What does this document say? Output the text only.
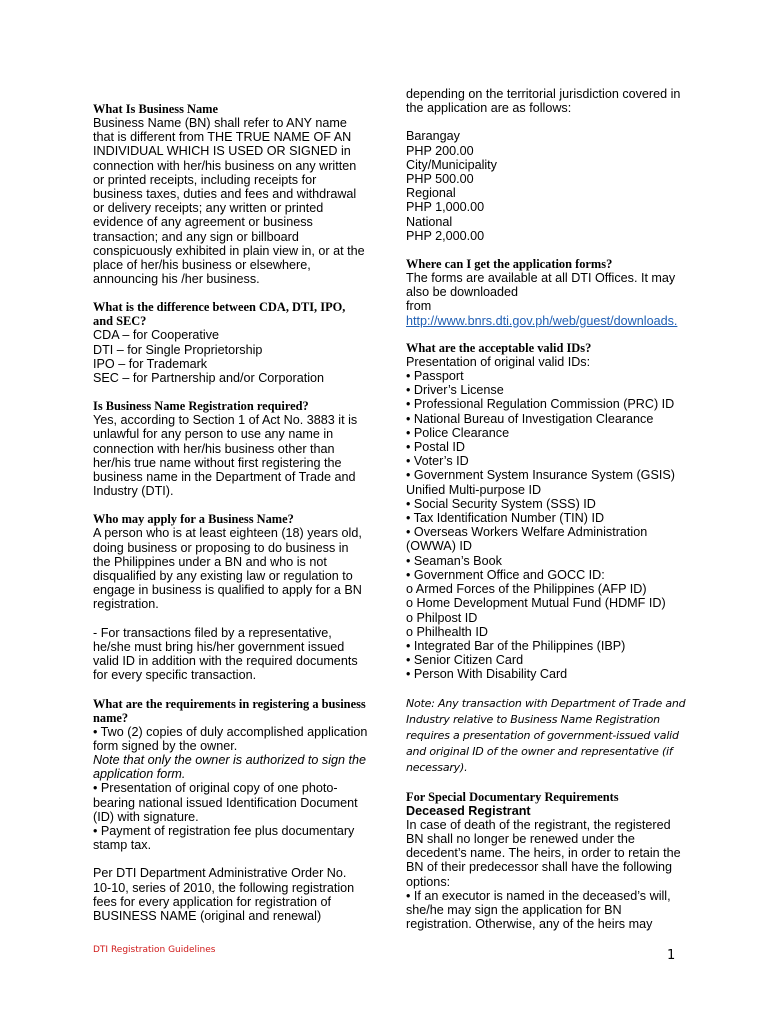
What Is Business Name

Business Name (BN) shall refer to ANY name that is different from THE TRUE NAME OF AN INDIVIDUAL WHICH IS USED OR SIGNED in connection with her/his business on any written or printed receipts, including receipts for business taxes, duties and fees and withdrawal or delivery receipts; any written or printed evidence of any agreement or business transaction; and any sign or billboard conspicuously exhibited in plain view in, or at the place of her/his business or elsewhere, announcing his /her business.

What is the difference between CDA, DTI, IPO, and SEC?

CDA – for Cooperative

DTI – for Single Proprietorship

IPO – for Trademark

SEC – for Partnership and/or Corporation

Is Business Name Registration required?

Yes, according to Section 1 of Act No. 3883 it is unlawful for any person to use any name in connection with her/his business other than her/his true name without first registering the business name in the Department of Trade and Industry (DTI).

Who may apply for a Business Name?

A person who is at least eighteen (18) years old, doing business or proposing to do business in the Philippines under a BN and who is not disqualified by any existing law or regulation to engage in business is qualified to apply for a BN registration.

- For transactions filed by a representative, he/she must bring his/her government issued valid ID in addition with the required documents for every specific transaction.

What are the requirements in registering a business name?

• Two (2) copies of duly accomplished application form signed by the owner.

Note that only the owner is authorized to sign the application form.

• Presentation of original copy of one photo-bearing national issued Identification Document (ID) with signature.

• Payment of registration fee plus documentary stamp tax.

Per DTI Department Administrative Order No. 10-10, series of 2010, the following registration fees for every application for registration of BUSINESS NAME (original and renewal)

depending on the territorial jurisdiction covered in the application are as follows:

Barangay

PHP 200.00

City/Municipality

PHP 500.00

Regional

PHP 1,000.00

National

PHP 2,000.00

Where can I get the application forms?

The forms are available at all DTI Offices. It may also be downloaded

from http://www.bnrs.dti.gov.ph/web/guest/downloads.

What are the acceptable valid IDs?

Presentation of original valid IDs:

• Passport

• Driver’s License

• Professional Regulation Commission (PRC) ID

• National Bureau of Investigation Clearance

• Police Clearance

• Postal ID

• Voter’s ID

• Government System Insurance System (GSIS) Unified Multi-purpose ID

• Social Security System (SSS) ID

• Tax Identification Number (TIN) ID

• Overseas Workers Welfare Administration (OWWA) ID

• Seaman’s Book

• Government Office and GOCC ID:

o Armed Forces of the Philippines (AFP ID)

o Home Development Mutual Fund (HDMF ID)

o Philpost ID

o Philhealth ID

• Integrated Bar of the Philippines (IBP)

• Senior Citizen Card

• Person With Disability Card

Note: Any transaction with Department of Trade and Industry relative to Business Name Registration requires a presentation of government-issued valid and original ID of the owner and representative (if necessary).

For Special Documentary Requirements

Deceased Registrant

In case of death of the registrant, the registered BN shall no longer be renewed under the decedent’s name. The heirs, in order to retain the BN of their predecessor shall have the following options:

• If an executor is named in the deceased’s will, she/he may sign the application for BN registration. Otherwise, any of the heirs may

DTI Registration Guidelines	1
